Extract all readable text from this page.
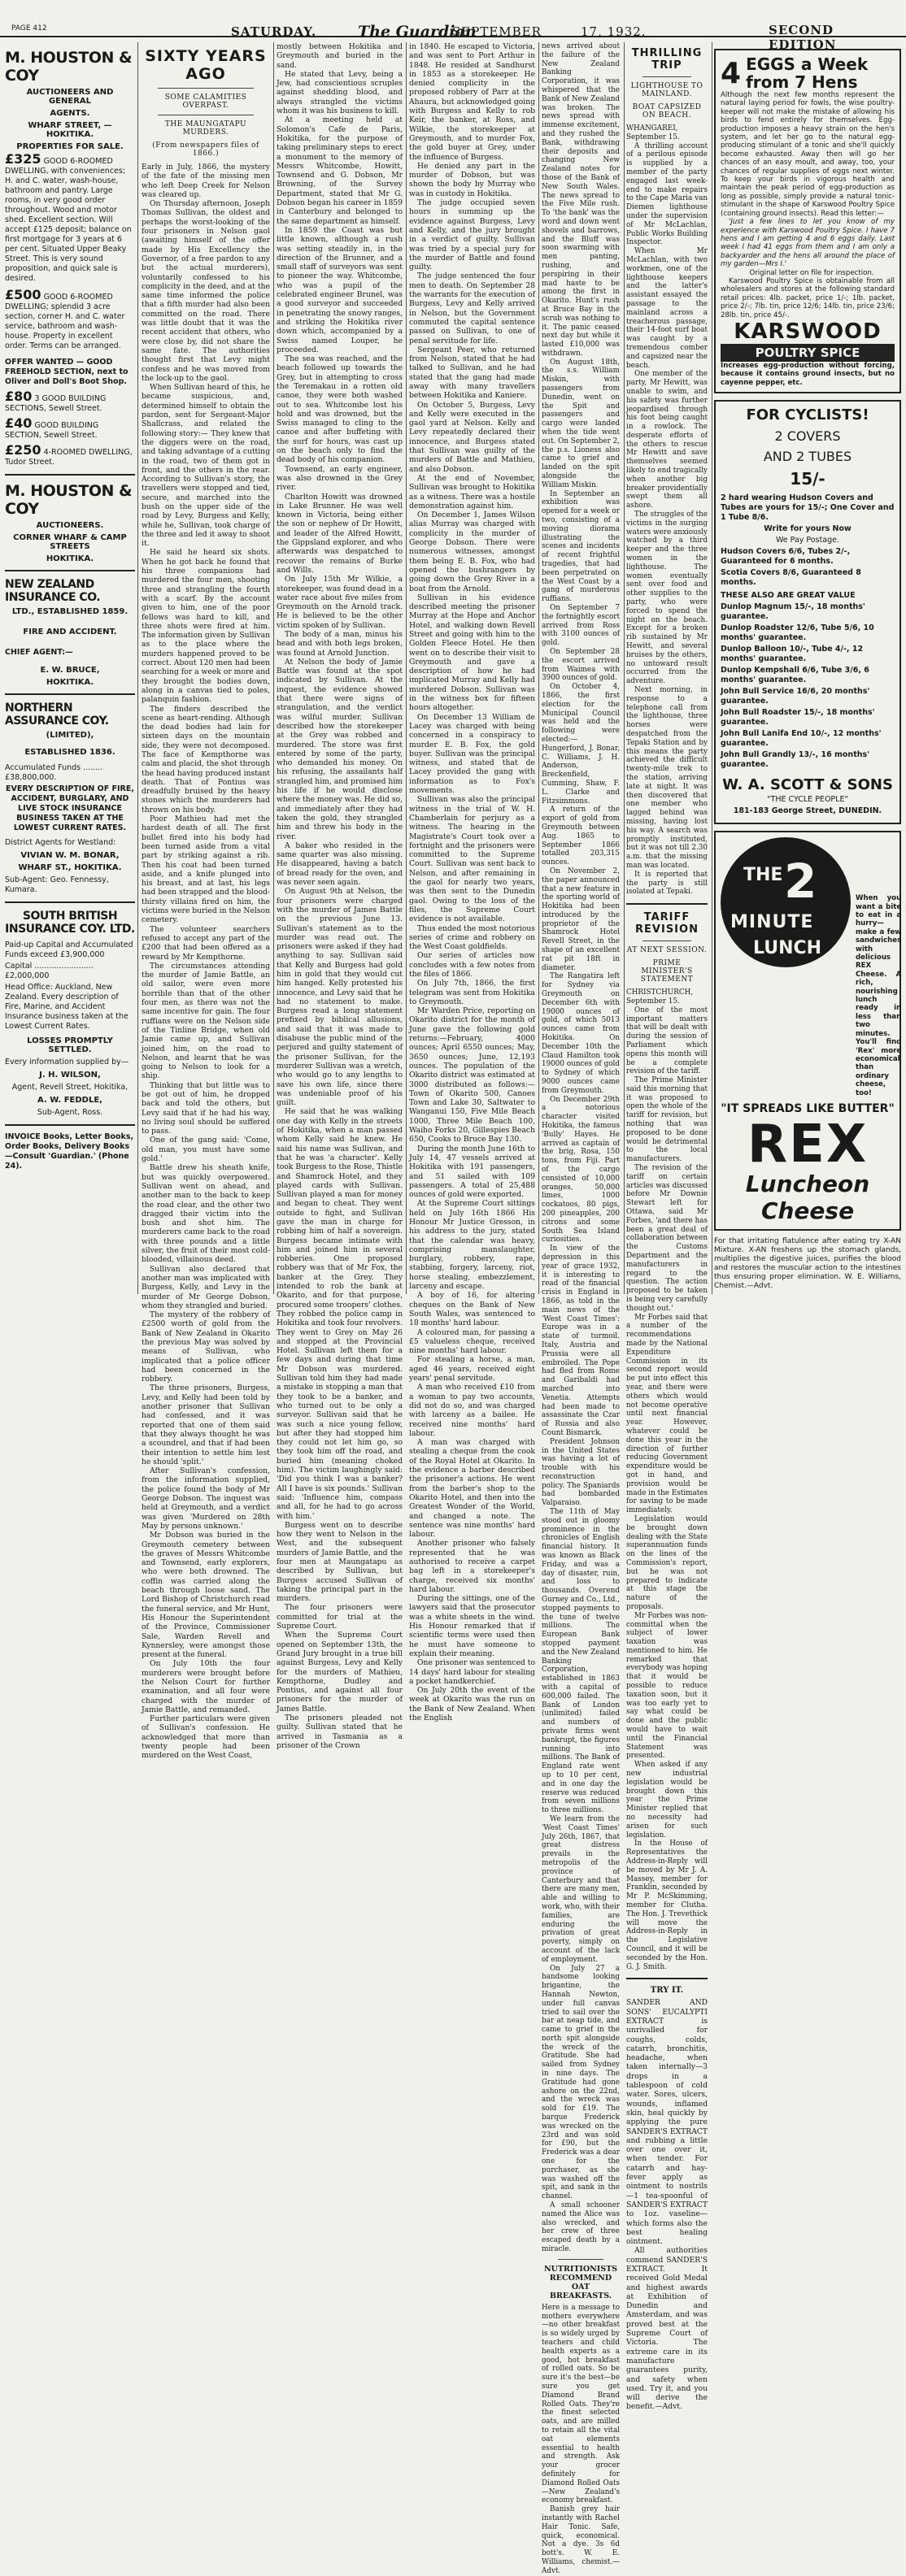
PAGE 412	SATURDAY.	The Guardian
SEPTEMBER	17, 1932.	SECOND EDITION
M. HOUSTON & COY
AUCTIONEERS AND GENERAL
AGENTS.
WHARF STREET, — HOKITIKA.
PROPERTIES FOR SALE.
£325 GOOD 6-ROOMED DWELLING, with conveniences; H. and C. water, wash-house, bathroom and pantry. Large rooms, in very good order throughout. Wood and motor shed. Excellent section. Will accept £125 deposit; balance on first mortgage for 3 years at 6 per cent. Situated Upper Beaky Street. This is very sound proposition, and quick sale is desired.
£500 GOOD 6-ROOMED DWELLING; splendid 3 acre section, corner H. and C. water service, bathroom and wash-house. Property in excellent order. Terms can be arranged.
OFFER WANTED — GOOD FREEHOLD SECTION, next to Oliver and Doll's Boot Shop.
£80 3 GOOD BUILDING SECTIONS, Sewell Street.
£40 GOOD BUILDING SECTION, Sewell Street.
£250 4-ROOMED DWELLING, Tudor Street.
M. HOUSTON & COY
AUCTIONEERS.
CORNER WHARF & CAMP STREETS
HOKITIKA.
NEW ZEALAND INSURANCE CO.
LTD., ESTABLISHED 1859.
FIRE AND ACCIDENT.
CHIEF AGENT:—
E. W. BRUCE,
HOKITIKA.
NORTHERN ASSURANCE COY.
(LIMITED),
ESTABLISHED 1836.
Accumulated Funds ........ £38,800,000.
EVERY DESCRIPTION OF FIRE, ACCIDENT, BURGLARY, AND LIVE STOCK INSURANCE BUSINESS TAKEN AT THE LOWEST CURRENT RATES.
District Agents for Westland:
VIVIAN W. M. BONAR,
WHARF ST., HOKITIKA.
Sub-Agent: Geo. Fennessy, Kumara.
SOUTH BRITISH INSURANCE COY. LTD.
Paid-up Capital and Accumulated Funds exceed £3,900,000
Capital ........................ £2,000,000
Head Office: Auckland, New Zealand. Every description of Fire, Marine, and Accident Insurance business taken at the Lowest Current Rates.
LOSSES PROMPTLY SETTLED.
Every information supplied by—
J. H. WILSON,
Agent, Revell Street, Hokitika,
A. W. FEDDLE,
Sub-Agent, Ross.
INVOICE Books, Letter Books, Order Books, Delivery Books—Consult 'Guardian.' (Phone 24).
SIXTY YEARS AGO
SOME CALAMITIES OVERPAST.
THE MAUNGATAPU MURDERS.
(From newspapers files of 1866.)

Early in July, 1866, the mystery of the fate of the missing men who left Deep Creek for Nelson was cleared up.

On Thursday afternoon, Joseph Thomas Sullivan, the oldest and perhaps the worst-looking of the four prisoners in Nelson gaol (awaiting himself of the offer made by His Excellency the Governor, of a free pardon to any but the actual murderers), voluntarily confessed to his complicity in the deed, and at the same time informed the police that a fifth murder had also been committed on the road. There was little doubt that it was the recent accident that others, who were close by, did not share the same fate. The authorities thought first that Levy might confess and he was moved from the lock-up to the gaol.

When Sullivan heard of this, he became suspicious, and, determined himself to obtain the pardon, sent for Sergeant-Major Shallcrass, and related the following story:— They knew that the diggers were on the road, and taking advantage of a cutting in the road, two of them got in front, and the others in the rear. According to Sullivan's story, the travellers were stopped and tied, secure, and marched into the bush on the upper side of the road by Levy, Burgess and Kelly, while he, Sullivan, took charge of the three and led it away to shoot it.

He said he heard six shots. When he got back he found that his three companions had murdered the four men, shooting three and strangling the fourth with a scarf. By the account given to him, one of the poor fellows was hard to kill, and three shots were fired at him. The information given by Sullivan as to the place where the murders happened proved to be correct. About 120 men had been searching for a week or more and they brought the bodies down, along in a canvas tied to poles, palanquin fashion.

The finders described the scene as heart-rending. Although the dead bodies had lain for sixteen days on the mountain side, they were not decomposed. The face of Kempthorne was calm and placid, the shot through the head having produced instant death. That of Pontius was dreadfully bruised by the heavy stones which the murderers had thrown on his body.

Poor Mathieu had met the hardest death of all. The first bullet fired into his body had been turned aside from a vital part by striking against a rib. Then his coat had been turned aside, and a knife plunged into his breast, and at last, his legs had been strapped and the blood-thirsty villains fired on him, the victims were buried in the Nelson cemetery.

The volunteer searchers refused to accept any part of the £200 that had been offered as a reward by Mr Kempthorne.

The circumstances attending the murder of Jamie Battle, an old sailor, were even more horrible than that of the other four men, as there was not the same incentive for gain. The four ruffians were on the Nelson side of the Tinline Bridge, when old Jamie came up, and Sullivan joined him, on the road to Nelson, and learnt that he was going to Nelson to look for a ship.

Thinking that but little was to be got out of him, he dropped back and told the others, but Levy said that if he had his way, no living soul should be suffered to pass.

One of the gang said: 'Come, old man, you must have some gold.'

Battle drew his sheath knife, but was quickly overpowered. Sullivan went on ahead, and another man to the back to keep the road clear, and the other two dragged their victim into the bush and shot him. The murderers came back to the road with three pounds and a little silver, the fruit of their most cold-blooded, villainous deed.

Sullivan also declared that another man was implicated with Burgess, Kelly, and Levy in the murder of Mr George Dobson, whom they strangled and buried.

The mystery of the robbery of £2500 worth of gold from the Bank of New Zealand in Okarito the previous May was solved by means of Sullivan, who implicated that a police officer had been concerned in the robbery.

The three prisoners, Burgess, Levy, and Kelly had been told by another prisoner that Sullivan had confessed, and it was reported that one of them said that they always thought he was a scoundrel, and that if had been their intention to settle him lest he should 'split.'

After Sullivan's confession, from the information supplied, the police found the body of Mr George Dobson. The inquest was held at Greymouth, and a verdict was given 'Murdered on 28th May by persons unknown.'

Mr Dobson was buried in the Greymouth cemetery between the graves of Messrs Whitcombe and Townsend, early explorers, who were both drowned. The coffin was carried along the beach through loose sand. The Lord Bishop of Christchurch read the funeral service, and Mr Hunt, His Honour the Superintendent of the Province, Commissioner Sale, Warden Revell and Kynnersley, were amongst those present at the funeral.

On July 10th the four murderers were brought before the Nelson Court for further examination, and all four were charged with the murder of Jamie Battle, and remanded.

Further particulars were given of Sullivan's confession. He acknowledged that more than twenty people had been murdered on the West Coast,

mostly between Hokitika and Greymouth and buried in the sand.

He stated that Levy, being a Jew, had conscientious scruples against shedding blood, and always strangled the victims whom it was his business to kill.

At a meeting held at Solomon's Cafe de Paris, Hokitika, for the purpose of taking preliminary steps to erect a monument to the memory of Messrs Whitcombe, Howitt, Townsend and G. Dobson, Mr Browning, of the Survey Department, stated that Mr G. Dobson began his career in 1859 in Canterbury and belonged to the same department as himself.

In 1859 the Coast was but little known, although a rush was setting steadily in, in the direction of the Brunner, and a small staff of surveyors was sent to pioneer the way. Whitcombe, who was a pupil of the celebrated engineer Brunel, was a good surveyor and succeeded in penetrating the snowy ranges, and striking the Hokitika river down which, accompanied by a Swiss named Louper, he proceeded.

The sea was reached, and the beach followed up towards the Grey, but in attempting to cross the Teremakau in a rotten old canoe, they were both washed out to sea. Whitcombe lost his hold and was drowned, but the Swiss managed to cling to the canoe and after buffeting with the surf for hours, was cast up on the beach only to find the dead body of his companion.

Townsend, an early engineer, was also drowned in the Grey river.

Charlton Howitt was drowned in Lake Brunner. He was well known in Victoria, being either the son or nephew of Dr Howitt, and leader of the Alfred Howitt, the Gippsland explorer, and who afterwards was despatched to recover the remains of Burke and Wills.

On July 15th Mr Wilkie, a storekeeper, was found dead in a water race about five miles from Greymouth on the Arnold track. He is believed to be the other victim spoken of by Sullivan.

The body of a man, minus his head and with both legs broken, was found at Arnold Junction.

At Nelson the body of Jamie Battle was found at the spot indicated by Sullivan. At the inquest, the evidence showed that there were signs of strangulation, and the verdict was wilful murder. Sullivan described how the storekeeper at the Grey was robbed and murdered. The store was first entered by some of the party, who demanded his money. On his refusing, the assailants half strangled him, and promised him his life if he would disclose where the money was. He did so, and immediately after they had taken the gold, they strangled him and threw his body in the river.

A baker who resided in the same quarter was also missing. He disappeared, having a batch of bread ready for the oven, and was never seen again.

On August 9th at Nelson, the four prisoners were charged with the murder of James Battle on the previous June 13. Sullivan's statement as to the murder was read out. The prisoners were asked if they had anything to say. Sullivan said that Kelly and Burgess had gold him in gold that they would cut him hanged. Kelly protested his innocence, and Levy said that he had no statement to make. Burgess read a long statement prefixed by biblical allusions, and said that it was made to disabuse the public mind of the perjured and guilty statement of the prisoner Sullivan, for the murderer Sullivan was a wretch, who would go to any lengths to save his own life, since there was undeniable proof of his guilt.

He said that he was walking one day with Kelly in the streets of Hokitika, when a man passed whom Kelly said he knew. He said his name was Sullivan, and that he was 'a character'. Kelly took Burgess to the Rose, Thistle and Shamrock Hotel, and they played cards with Sullivan. Sullivan played a man for money and began to cheat. They went outside to fight, and Sullivan gave the man in charge for robbing him of half a sovereign. Burgess became intimate with him and joined him in several robberies. One proposed robbery was that of Mr Fox, the banker at the Grey. They intended to rob the bank at Okarito, and for that purpose, procured some troopers' clothes. They robbed the police camp in Hokitika and took four revolvers. They went to Grey on May 26 and stopped at the Provincial Hotel. Sullivan left them for a few days and during that time Mr Dobson was murdered. Sullivan told him they had made a mistake in stopping a man that they took to be a banker, and who turned out to be only a surveyor. Sullivan said that he was such a nice young fellow, but after they had stopped him they could not let him go, so they took him off the road, and buried him (meaning choked him). The victim laughingly said: 'Did you think I was a banker? All I have is six pounds.' Sullivan said: 'Influence him, compass and all, for he had to go across with him.'

Burgess went on to describe how they went to Nelson in the West, and the subsequent murders of Jamie Battle, and the four men at Maungatapu as described by Sullivan, but Burgess accused Sullivan of taking the principal part in the murders.

The four prisoners were committed for trial at the Supreme Court.

When the Supreme Court opened on September 13th, the Grand Jury brought in a true bill against Burgess, Levy and Kelly for the murders of Mathieu, Kempthorne, Dudley and Pontius, and against all four prisoners for the murder of James Battle.

The prisoners pleaded not guilty. Sullivan stated that he arrived in Tasmania as a prisoner of the Crown

in 1840. He escaped to Victoria, and was sent to Port Arthur in 1848. He resided at Sandhurst in 1853 as a storekeeper. He denied complicity in the proposed robbery of Parr at the Ahaura, but acknowledged going with Burgess and Kelly to rob Keir, the banker, at Ross, and Wilkie, the storekeeper at Greymouth, and to murder Fox, the gold buyer at Grey, under the influence of Burgess.

He denied any part in the murder of Dobson, but was shown the body by Murray who was in custody in Hokitika.

The judge occupied seven hours in summing up the evidence against Burgess, Levy and Kelly, and the jury brought in a verdict of guilty. Sullivan was tried by a special jury for the murder of Battle and found guilty.

The judge sentenced the four men to death. On September 28 the warrants for the execution of Burgess, Levy and Kelly arrived in Nelson, but the Government commuted the capital sentence passed on Sullivan, to one of penal servitude for life.

Sergeant Peer, who returned from Nelson, stated that he had talked to Sullivan, and he had stated that the gang had made away with many travellers between Hokitika and Kaniere.

On October 5, Burgess, Levy and Kelly were executed in the gaol yard at Nelson. Kelly and Levy repeatedly declared their innocence, and Burgess stated that Sullivan was guilty of the murders of Battle and Mathieu, and also Dobson.

At the end of November, Sullivan was brought to Hokitika as a witness. There was a hostile demonstration against him.

On December 1, James Wilson alias Murray was charged with complicity in the murder of George Dobson. There were numerous witnesses, amongst them being E. B. Fox, who had opened the bushrangers by going down the Grey River in a boat from the Arnold.

Sullivan in his evidence described meeting the prisoner Murray at the Hope and Anchor Hotel, and walking down Revell Street and going with him to the Golden Fleece Hotel. He then went on to describe their visit to Greymouth and gave a description of how he had implicated Murray and Kelly had murdered Dobson. Sullivan was in the witness box for fifteen hours altogether.

On December 13 William de Lacey was charged with being concerned in a conspiracy to murder E. B. Fox, the gold buyer. Sullivan was the principal witness, and stated that de Lacey provided the gang with information as to Fox's movements.

Sullivan was also the principal witness in the trial of W. H. Chamberlain for perjury as a witness. The hearing in the Magistrate's Court took over a fortnight and the prisoners were committed to the Supreme Court. Sullivan was sent back to Nelson, and after remaining in the gaol for nearly two years, was then sent to the Dunedin gaol. Owing to the loss of the files, the Supreme Court evidence is not available.

Thus ended the most notorious series of crime and robbery on the West Coast goldfields.

Our series of articles now concludes with a few notes from the files of 1866.

On July 7th, 1866, the first telegram was sent from Hokitika to Greymouth.

Mr Warden Price, reporting on Okarito district for the month of June gave the following gold returns:—February, 4000 ounces; April 6550 ounces; May, 3650 ounces; June, 12,193 ounces. The population of the Okarito district was estimated at 3000 distributed as follows:—Town of Okarito 500, Canoes Town and Lake 30, Saltwater to Wanganui 150, Five Mile Beach 1000, Three Mile Beach 100, Waiho Forks 20, Gillespies Beach 650, Cooks to Bruce Bay 130.

During the month June 16th to July 14, 47 vessels arrived at Hokitika with 191 passengers, and 51 sailed with 109 passengers. A total of 25,488 ounces of gold were exported.

At the Supreme Court sittings held on July 16th 1866 His Honour Mr Justice Gresson, in his address to the jury, stated that the calendar was heavy, comprising manslaughter, burglary, robbery, rape, stabbing, forgery, larceny, riot, horse stealing, embezzlement, larceny and escape.

A boy of 16, for altering cheques on the Bank of New South Wales, was sentenced to 18 months' hard labour.

A coloured man, for passing a £5 valueless cheque, received nine months' hard labour.

For stealing a horse, a man, aged 46 years, received eight years' penal servitude.

A man who received £10 from a woman to pay two accounts, did not do so, and was charged with larceny as a bailee. He received nine months' hard labour.

A man was charged with stealing a cheque from the cook of the Royal Hotel at Okarito. In the evidence a barber described the prisoner's actions. He went from the barber's shop to the Okarito Hotel, and then into the Greatest Wonder of the World, and changed a note. The sentence was nine months' hard labour.

Another prisoner who falsely represented that he was authorised to receive a carpet bag left in a storekeeper's charge, received six months' hard labour.

During the sittings, one of the lawyers said that the prosecutor was a white sheets in the wind. His Honour remarked that if scientific terms were used then he must have someone to explain their meaning.

One prisoner was sentenced to 14 days' hard labour for stealing a pocket handkerchief.

On July 20th the event of the week at Okarito was the run on the Bank of New Zealand. When the English

news arrived about the failure of the New Zealand Banking Corporation, it was whispered that the Bank of New Zealand was broken. The news spread with immense excitement, and they rushed the Bank, withdrawing their deposits and changing New Zealand notes for those of the Bank of New South Wales. The news spread to the Five Mile rush. To 'the bank' was the word and down went shovels and barrows, and the Bluff was soon swarming with men panting, rushing, and perspiring in their mad haste to be among the first in Okarito. Hunt's rush at Bruce Bay in the scrub was nothing to it. The panic ceased next day but while it lasted £10,000 was withdrawn.

On August 18th, the s.s. William Miskin, with passengers from Dunedin, went on the Spit and passengers and cargo were landed when the tide went out. On September 2, the p.s. Lioness also came to grief and landed on the spit alongside the William Miskin.

In September an exhibition was opened for a week or two, consisting of a moving diorama illustrating the scenes and incidents of recent frightful tragedies, that had been perpetrated on the West Coast by a gang of murderous ruffians.

On September 7 the fortnightly escort arrived from Ross with 3100 ounces of gold.

On September 28 the escort arrived from Waimea with 3900 ounces of gold.

On October 4, 1866, the first election for the Municipal Council was held and the following were elected:— Hungerford, J. Bonar, C. Williams, J. H. Anderson, Breckenfield, Cumming, Shaw, F. L. Clarke and Fitzsimmons.

A return of the export of gold from Greymouth between Aug. 1865 to September 1866 totalled 203,315 ounces.

On November 2, the paper announced that a new feature in the sporting world of Hokitika had been introduced by the proprietor of the Shamrock Hotel Revell Street, in the shape of an excellent rat pit 18ft in diameter.

The Rangatira left for Sydney via Greymouth on December 6th with 19000 ounces of gold, of which 5013 ounces came from Hokitika. On December 10th the Claud Hamilton took 19000 ounces of gold to Sydney of which 9000 ounces came from Greymouth.

On December 29th a notorious character visited Hokitika, the famous 'Bully' Hayes. He arrived as captain of the brig, Rosa, 150 tons, from Fiji. Part of the cargo consisted of 10,000 oranges, 50,000 limes, 1000 cockatoos, 80 pigs, 200 pineapples, 200 citrons and some South Sea Island curiosities.

In view of the depression in this year of grace 1932, it is interesting to read of the financial crisis in England in 1866, as told in the main news of the 'West Coast Times': Europe was in a state of turmoil. Italy, Austria and Prussia were all embroiled. The Pope had fled from Rome and Garibaldi had marched into Venetia. Attempts had been made to assassinate the Czar of Russia and also Count Bismarck.

President Johnson in the United States was having a lot of trouble with his reconstruction policy. The Spaniards had bombarded Valparaiso.

The 11th of May stood out in gloomy prominence in the chronicles of English financial history. It was known as Black Friday, and was a day of disaster, ruin, and loss to thousands. Overend Gurney and Co., Ltd., stopped payments to the tune of twelve millions. The European Bank stopped payment and the New Zealand Banking Corporation, established in 1863 with a capital of 600,000 failed. The Bank of London (unlimited) failed and numbers of private firms went bankrupt, the figures running into millions. The Bank of England rate went up to 10 per cent, and in one day the reserve was reduced from seven millions to three millions.

We learn from the 'West Coast Times' July 26th, 1867, that great distress prevails in the metropolis of the province of Canterbury and that there are many men, able and willing to work, who, with their families, are enduring the privation of great poverty, simply on account of the lack of employment.

On July 27 a handsome looking brigantine, the Hannah Newton, under full canvas tried to sail over the bar at neap tide, and came to grief in the north spit alongside the wreck of the Gratitude. She had sailed from Sydney in nine days. The Gratitude had gone ashore on the 22nd, and the wreck was sold for £19. The barque Frederick was wrecked on the 23rd and was sold for £90, but the Frederick was a dear one for the purchaser, as she was washed off the spit, and sank in the channel.

A small schooner named the Alice was also wrecked, and her crew of three escaped death by a miracle.

NUTRITIONISTS RECOMMEND OAT BREAKFASTS.

Here is a message to mothers everywhere—no other breakfast is so widely urged by teachers and child health experts as a good, hot breakfast of rolled oats. So be sure it's the best—be sure you get Diamond Brand Rolled Oats. They're the finest selected oats, and are milled to retain all the vital oat elements essential to health and strength. Ask your grocer definitely for Diamond Rolled Oats—New Zealand's economy breakfast.

Banish grey hair instantly with Rachel Hair Tonic. Safe, quick, economical. Not a dye. 3s 6d bott's. W. E. Williams, chemist.—Advt.

THRILLING TRIP
LIGHTHOUSE TO MAINLAND.
BOAT CAPSIZED ON BEACH.

WHANGAREI, September 15.

A thrilling account of a perilous episode is supplied by a member of the party engaged last week-end to make repairs to the Cape Maria van Diemen lighthouse under the supervision of Mr McLachlan, Public Works Building Inspector.

When Mr McLachlan, with two workmen, one of the lighthouse keepers and the latter's assistant essayed the passage to the mainland across a treacherous passage, their 14-foot surf boat was caught by a tremendous comber and capsized near the beach.

One member of the party, Mr Hewitt, was unable to swim, and his safety was further jeopardised through his foot being caught in a rowlock. The desperate efforts of the others to rescue Mr Hewitt and save themselves seemed likely to end tragically when another big breaker providentially swept them all ashore.

The struggles of the victims in the surging waters were anxiously watched by a third keeper and the three women in the lighthouse. The women eventually sent over food and other supplies to the party, who were forced to spend the night on the beach. Except for a broken rib sustained by Mr Hewitt, and several bruises by the others, no untoward result occurred from the adventure.

Next morning, in response to a telephone call from the lighthouse, three horses were despatched from the Tepaki Station and by this means the party achieved the difficult twenty-mile trek to the station, arriving late at night. It was then discovered that one member who lagged behind was missing, having lost his way. A search was promptly instituted, but it was not till 2.30 a.m. that the missing man was located.

It is reported that the party is still isolated at Tepaki.

TARIFF REVISION
AT NEXT SESSION.
PRIME MINISTER'S STATEMENT

CHRISTCHURCH, September 15.

One of the most important matters that will be dealt with during the session of Parliament which opens this month will be a complete revision of the tariff.

The Prime Minister said this morning that it was proposed to open the whole of the tariff for revision, but nothing that was proposed to be done would be detrimental to the local manufacturers.

The revision of the tariff on certain articles was discussed before Mr Downie Stewart left for Ottawa, said Mr Forbes, 'and there has been a great deal of collaboration between the Customs Department and the manufacturers in regard to the question. The action proposed to be taken is being very carefully thought out.'

Mr Forbes said that a number of the recommendations made by the National Expenditure Commission in its second report would be put into effect this year, and there were others which would not become operative until next financial year. However, whatever could be done this year in the direction of further reducing Government expenditure would be got in hand, and provision would be made in the Estimates for saving to be made immediately.

Legislation would be brought down dealing with the State superannuation funds on the lines of the Commission's report, but he was not prepared to indicate at this stage the nature of the proposals.

Mr Forbes was non-committal when the subject of lower taxation was mentioned to him. He remarked that everybody was hoping that it would be possible to reduce taxation soon, but it was too early yet to say what could be done and the public would have to wait until the Financial Statement was presented.

When asked if any new industrial legislation would be brought down this year the Prime Minister replied that no necessity had arisen for such legislation.

In the House of Representatives the Address-in-Reply will be moved by Mr J. A. Massey, member for Franklin, seconded by Mr P. McSkimming, member for Clutha. The Hon. J. Trevethick will move the Address-in-Reply in the Legislative Council, and it will be seconded by the Hon. G. J. Smith.

TRY IT.

SANDER AND SONS' EUCALYPTI EXTRACT is unrivalled for coughs, colds, catarrh, bronchitis, headache, when taken internally—3 drops in a tablespoon of cold water. Sores, ulcers, wounds, inflamed skin, heal quickly by applying the pure SANDER'S EXTRACT and rubbing a little over one over it, when tender. For catarrh and hay-fever apply as ointment to nostrils—1 tea-spoonful of SANDER'S EXTRACT to 1oz. vaseline—which forms also the best healing ointment.

All authorities commend SANDER'S EXTRACT. It received Gold Medal and highest awards at Exhibition of Dunedin and Amsterdam, and was proved best at the Supreme Court of Victoria. The extreme care in its manufacture guarantees purity, and safety when used. Try it, and you will derive the benefit.—Advt.

4 EGGS a Week
from 7 Hens

Although the next few months represent the natural laying period for fowls, the wise poultry-keeper will not make the mistake of allowing his birds to fend entirely for themselves. Egg-production imposes a heavy strain on the hen's system, and let her go to the natural egg-producing stimulant of a tonic and she'll quickly become exhausted. Away then will go her chances of an easy moult, and away, too, your chances of regular supplies of eggs next winter. To keep your birds in vigorous health and maintain the peak period of egg-production as long as possible, simply provide a natural tonic-stimulant in the shape of Karswood Poultry Spice (containing ground insects). Read this letter:—

'Just a few lines to let you know of my experience with Karswood Poultry Spice. I have 7 hens and I am getting 4 and 6 eggs daily. Last week I had 41 eggs from them and I am only a backyarder and the hens all around the place of my garden—Mrs I.'

Original letter on file for inspection.

Karswood Poultry Spice is obtainable from all wholesalers and stores at the following standard retail prices: 4lb. packet, price 1/-; 1lb. packet, price 2/-; 7lb. tin, price 12/6; 14lb. tin, price 23/6; 28lb. tin, price 45/-.

KARSWOOD
POULTRY SPICE

Increases egg-production without forcing, because it contains ground insects, but no cayenne pepper, etc.

FOR CYCLISTS!
2 COVERS
AND 2 TUBES
15/-
2 hard wearing Hudson Covers and Tubes are yours for 15/-; One Cover and 1 Tube 8/6.
Write for yours Now
We Pay Postage.
Hudson Covers 6/6, Tubes 2/-, Guaranteed for 6 months.
Scotia Covers 8/6, Guaranteed 8 months.
THESE ALSO ARE GREAT VALUE
Dunlop Magnum 15/-, 18 months' guarantee.
Dunlop Roadster 12/6, Tube 5/6, 10 months' guarantee.
Dunlop Balloon 10/-, Tube 4/-, 12 months' guarantee.
Dunlop Kempshall 6/6, Tube 3/6, 6 months' guarantee.
John Bull Service 16/6, 20 months' guarantee.
John Bull Roadster 15/-, 18 months' guarantee.
John Bull Lanifa End 10/-, 12 months' guarantee.
John Bull Grandly 13/-, 16 months' guarantee.
W. A. SCOTT & SONS
"THE CYCLE PEOPLE"
181-183 George Street, DUNEDIN.
THE 2
MINUTE
LUNCH

When you want a bite to eat in a hurry—make a few sandwiches with delicious REX Cheese. A rich, nourishing lunch ready in less than two minutes. You'll find 'Rex' more economical than ordinary cheese, too!

"IT SPREADS LIKE BUTTER"
REX
Luncheon Cheese

For that irritating flatulence after eating try X-AN Mixture. X-AN freshens up the stomach glands, multiplies the digestive juices, purifies the blood and restores the muscular action to the intestines thus ensuring proper elimination. W. E. Williams, Chemist.—Advt.
